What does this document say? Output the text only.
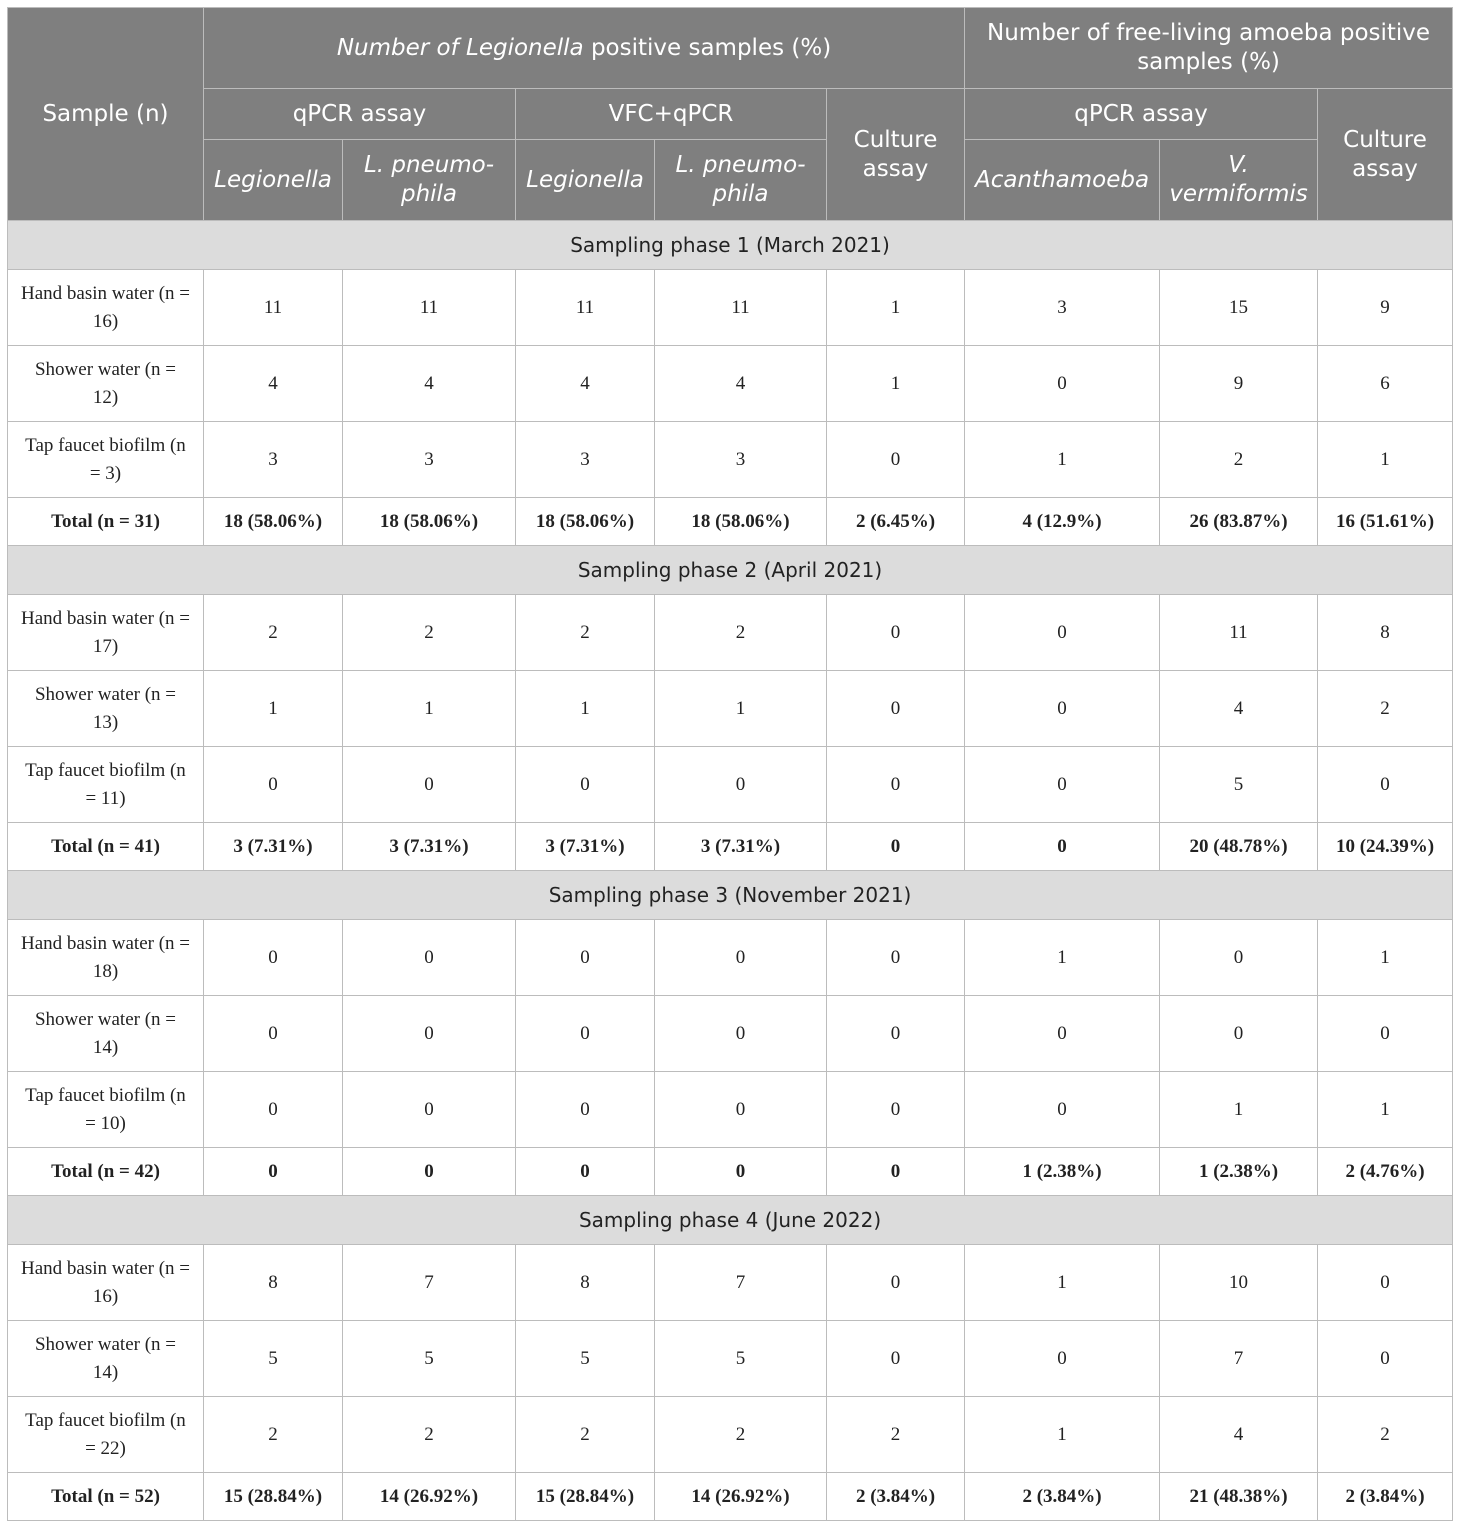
Sample (n)	Number of Legionella positive samples (%)					Number of free-living amoeba positive samples (%)		
	qPCR assay		VFC+qPCR		Culture assay	qPCR assay		Culture assay
	Legionella	L. pneumo-phila	Legionella	L. pneumo-phila		Acanthamoeba	V. vermiformis	
Sampling phase 1 (March 2021)								
Hand basin water (n = 16)	11	11	11	11	1	3	15	9
Shower water (n = 12)	4	4	4	4	1	0	9	6
Tap faucet biofilm (n = 3)	3	3	3	3	0	1	2	1
Total (n = 31)	18 (58.06%)	18 (58.06%)	18 (58.06%)	18 (58.06%)	2 (6.45%)	4 (12.9%)	26 (83.87%)	16 (51.61%)
Sampling phase 2 (April 2021)								
Hand basin water (n = 17)	2	2	2	2	0	0	11	8
Shower water (n = 13)	1	1	1	1	0	0	4	2
Tap faucet biofilm (n = 11)	0	0	0	0	0	0	5	0
Total (n = 41)	3 (7.31%)	3 (7.31%)	3 (7.31%)	3 (7.31%)	0	0	20 (48.78%)	10 (24.39%)
Sampling phase 3 (November 2021)								
Hand basin water (n = 18)	0	0	0	0	0	1	0	1
Shower water (n = 14)	0	0	0	0	0	0	0	0
Tap faucet biofilm (n = 10)	0	0	0	0	0	0	1	1
Total (n = 42)	0	0	0	0	0	1 (2.38%)	1 (2.38%)	2 (4.76%)
Sampling phase 4 (June 2022)								
Hand basin water (n = 16)	8	7	8	7	0	1	10	0
Shower water (n = 14)	5	5	5	5	0	0	7	0
Tap faucet biofilm (n = 22)	2	2	2	2	2	1	4	2
Total (n = 52)	15 (28.84%)	14 (26.92%)	15 (28.84%)	14 (26.92%)	2 (3.84%)	2 (3.84%)	21 (48.38%)	2 (3.84%)
